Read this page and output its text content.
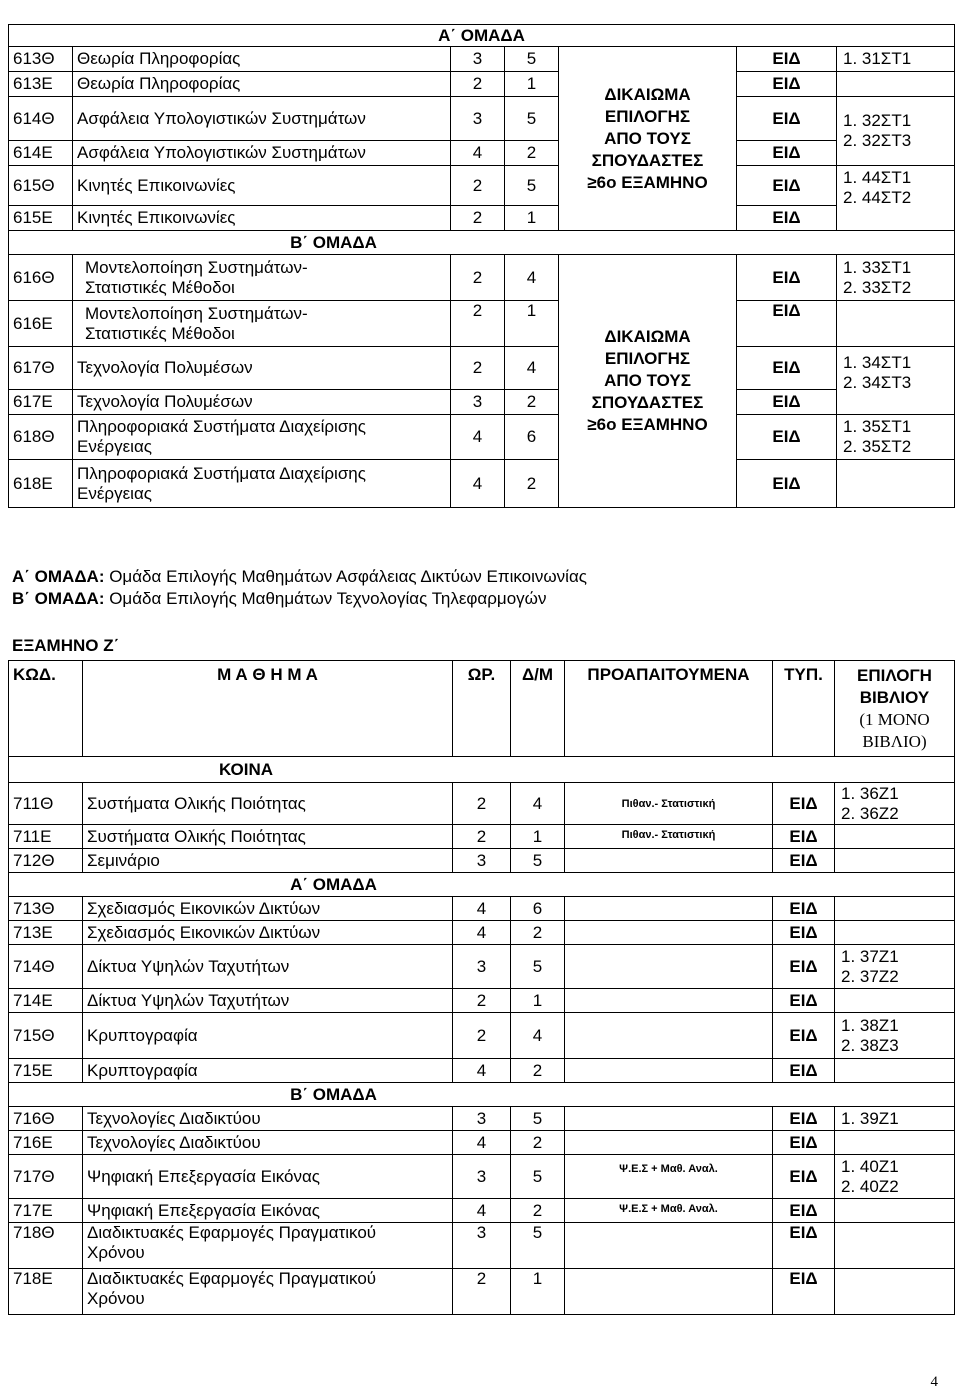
Α΄ ΟΜΑΔΑ						
613Θ	Θεωρία Πληροφορίας	3	5	ΔΙΚΑΙΩΜΑ ΕΠΙΛΟΓΗΣ ΑΠΟ ΤΟΥΣ ΣΠΟΥΔΑΣΤΕΣ ≥6ο ΕΞΑΜΗΝΟ	ΕΙΔ	1. 31ΣΤ1
613Ε	Θεωρία Πληροφορίας	2	1		ΕΙΔ	
614Θ	Ασφάλεια Υπολογιστικών Συστημάτων	3	5		ΕΙΔ	1. 32ΣΤ1
2. 32ΣΤ3
614Ε	Ασφάλεια Υπολογιστικών Συστημάτων	4	2		ΕΙΔ	
615Θ	Κινητές Επικοινωνίες	2	5		ΕΙΔ	1. 44ΣΤ1
2. 44ΣΤ2
615Ε	Κινητές Επικοινωνίες	2	1		ΕΙΔ	
Β΄ ΟΜΑΔΑ						
616Θ	Μοντελοποίηση Συστημάτων-Στατιστικές Μέθοδοι	2	4	ΔΙΚΑΙΩΜΑ ΕΠΙΛΟΓΗΣ ΑΠΟ ΤΟΥΣ ΣΠΟΥΔΑΣΤΕΣ ≥6ο ΕΞΑΜΗΝΟ	ΕΙΔ	1. 33ΣΤ1
2. 33ΣΤ2
616Ε	Μοντελοποίηση Συστημάτων-Στατιστικές Μέθοδοι	2	1		ΕΙΔ	
617Θ	Τεχνολογία Πολυμέσων	2	4		ΕΙΔ	1. 34ΣΤ1
2. 34ΣΤ3
617Ε	Τεχνολογία Πολυμέσων	3	2		ΕΙΔ	
618Θ	Πληροφοριακά Συστήματα Διαχείρισης Ενέργειας	4	6		ΕΙΔ	1. 35ΣΤ1
2. 35ΣΤ2
618Ε	Πληροφοριακά Συστήματα Διαχείρισης Ενέργειας	4	2		ΕΙΔ	
Α΄ ΟΜΑΔΑ: Ομάδα Επιλογής Μαθημάτων Ασφάλειας Δικτύων Επικοινωνίας
Β΄ ΟΜΑΔΑ: Ομάδα Επιλογής Μαθημάτων Τεχνολογίας Τηλεφαρμογών
ΕΞΑΜΗΝΟ Ζ΄
ΚΩΔ.	Μ Α Θ Η Μ Α	ΩΡ.	Δ/Μ	ΠΡΟΑΠΑΙΤΟΥΜΕΝΑ	ΤΥΠ.	ΕΠΙΛΟΓΗ ΒΙΒΛΙΟΥ
(1 ΜΟΝΟ ΒΙΒΛΙΟ)

ΚΟΙΝΑ						
711Θ	Συστήματα Ολικής Ποιότητας	2	4	Πιθαν.- Στατιστική	ΕΙΔ	1. 36Ζ1
2. 36Ζ2
711Ε	Συστήματα Ολικής Ποιότητας	2	1	Πιθαν.- Στατιστική	ΕΙΔ	
712Θ	Σεμινάριο	3	5		ΕΙΔ	
Α΄ ΟΜΑΔΑ						
713Θ	Σχεδιασμός Εικονικών Δικτύων	4	6		ΕΙΔ	
713Ε	Σχεδιασμός Εικονικών Δικτύων	4	2		ΕΙΔ	
714Θ	Δίκτυα Υψηλών Ταχυτήτων	3	5		ΕΙΔ	1. 37Ζ1
2. 37Ζ2
714Ε	Δίκτυα Υψηλών Ταχυτήτων	2	1		ΕΙΔ	
715Θ	Κρυπτογραφία	2	4		ΕΙΔ	1. 38Ζ1
2. 38Ζ3
715Ε	Κρυπτογραφία	4	2		ΕΙΔ	
Β΄ ΟΜΑΔΑ						
716Θ	Τεχνολογίες Διαδικτύου	3	5		ΕΙΔ	1. 39Ζ1
716Ε	Τεχνολογίες Διαδικτύου	4	2		ΕΙΔ	
717Θ	Ψηφιακή Επεξεργασία Εικόνας	3	5	Ψ.Ε.Σ + Μαθ. Αναλ.	ΕΙΔ	1. 40Ζ1
2. 40Ζ2
717Ε	Ψηφιακή Επεξεργασία Εικόνας	4	2	Ψ.Ε.Σ + Μαθ. Αναλ.	ΕΙΔ	
718Θ	Διαδικτυακές Εφαρμογές Πραγματικού Χρόνου	3	5		ΕΙΔ	
718Ε	Διαδικτυακές Εφαρμογές Πραγματικού Χρόνου	2	1		ΕΙΔ	
4
